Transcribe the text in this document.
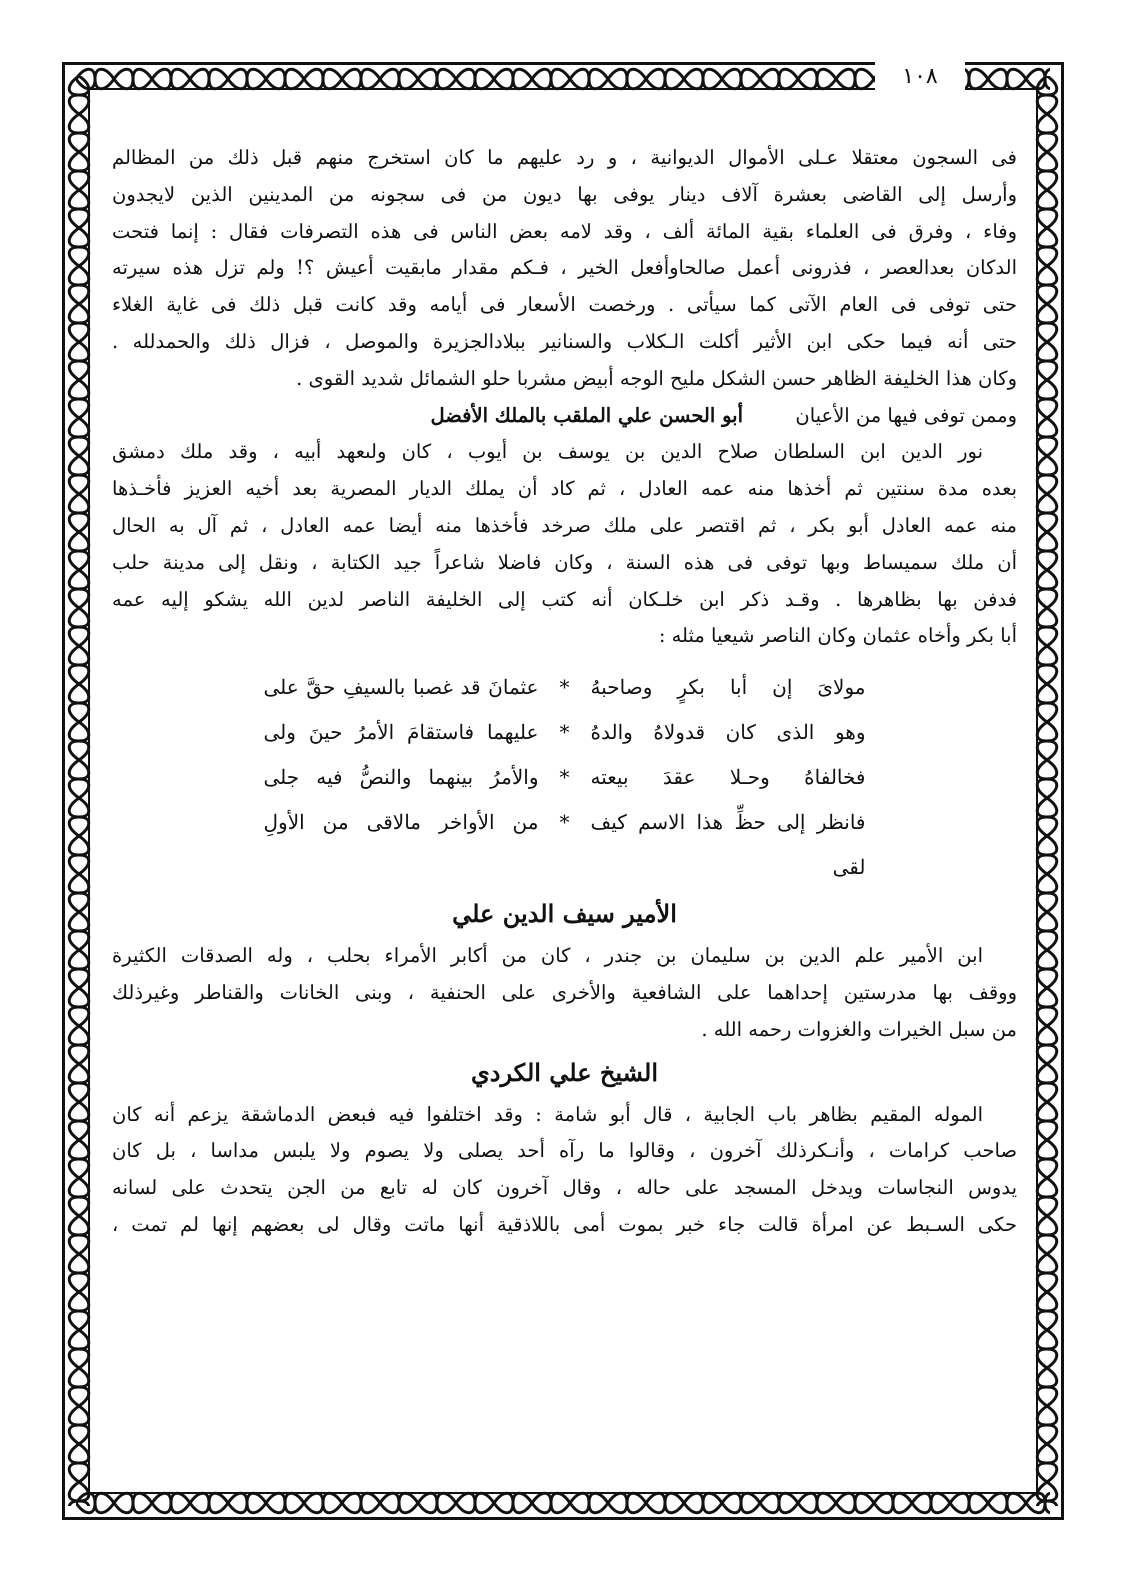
١٠٨

فى السجون معتقلا عـلى الأموال الديوانية ، و رد عليهم ما كان استخرج منهم قبل ذلك من المظالم
وأرسل إلى القاضى بعشرة آلاف دينار يوفى بها ديون من فى سجونه من المدينين الذين لايجدون
وفاء ، وفرق فى العلماء بقية المائة ألف ، وقد لامه بعض الناس فى هذه التصرفات فقال : إنما فتحت
الدكان بعدالعصر ، فذرونى أعمل صالحاوأفعل الخير ، فـكم مقدار مابقيت أعيش ؟! ولم تزل هذه سيرته
حتى توفى فى العام الآتى كما سيأتى . ورخصت الأسعار فى أيامه وقد كانت قبل ذلك فى غاية الغلاء
حتى أنه فيما حكى ابن الأثير أكلت الـكلاب والسنانير ببلادالجزيرة والموصل ، فزال ذلك والحمدلله .
وكان هذا الخليفة الظاهر حسن الشكل مليح الوجه أبيض مشربا حلو الشمائل شديد القوى .

وممن توفى فيها من الأعيان  أبو الحسن علي الملقب بالملك الأفضل

نور الدين ابن السلطان صلاح الدين بن يوسف بن أيوب ، كان ولىعهد أبيه ، وقد ملك دمشق
بعده مدة سنتين ثم أخذها منه عمه العادل ، ثم كاد أن يملك الديار المصرية بعد أخيه العزيز فأخـذها
منه عمه العادل أبو بكر ، ثم اقتصر على ملك صرخد فأخذها منه أيضا عمه العادل ، ثم آل به الحال
أن ملك سميساط وبها توفى فى هذه السنة ، وكان فاضلا شاعراً جيد الكتابة ، ونقل إلى مدينة حلب
فدفن بها بظاهرها . وقـد ذكر ابن خلـكان أنه كتب إلى الخليفة الناصر لدين الله يشكو إليه عمه
أبا بكر وأخاه عثمان وكان الناصر شيعيا مثله :

مولاىَ إن أبا بكرٍ وصاحبهُ
*
عثمانَ قد غصبا بالسيفِ حقَّ على
وهو الذى كان قدولاهُ والدهُ
*
عليهما فاستقامَ الأمرُ حينَ ولى
فخالفاهُ وحـلا عقدَ بيعته
*
والأمرُ بينهما والنصُّ فيه جلى
فانظر إلى حظِّ هذا الاسم كيف لقى
*
من الأواخر مالاقى من الأولِ
الأمير سيف الدين علي

ابن الأمير علم الدين بن سليمان بن جندر ، كان من أكابر الأمراء بحلب ، وله الصدقات الكثيرة
ووقف بها مدرستين إحداهما على الشافعية والأخرى على الحنفية ، وبنى الخانات والقناطر وغيرذلك
من سبل الخيرات والغزوات رحمه الله .

الشيخ علي الكردي

المولە المقيم بظاهر باب الجابية ، قال أبو شامة : وقد اختلفوا فيه فبعض الدماشقة يزعم أنه كان
صاحب كرامات ، وأنـكرذلك آخرون ، وقالوا ما رآه أحد يصلى ولا يصوم ولا يلبس مداسا ، بل كان
يدوس النجاسات ويدخل المسجد على حاله ، وقال آخرون كان له تابع من الجن يتحدث على لسانه
حكى السـبط عن امرأة قالت جاء خبر بموت أمى باللاذقية أنها ماتت وقال لى بعضهم إنها لم تمت ،
